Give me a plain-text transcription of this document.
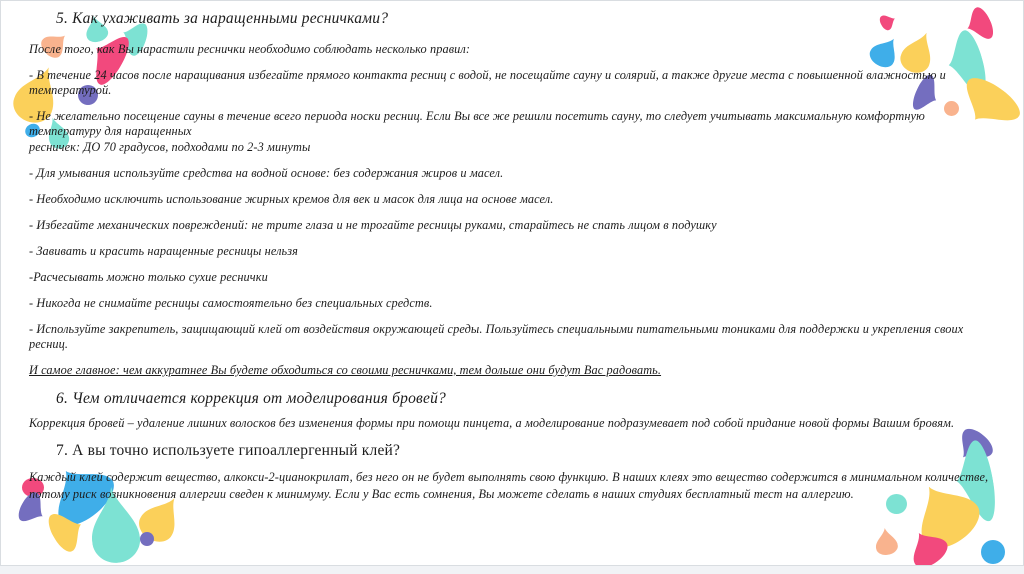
5. Как ухаживать за наращенными ресничками?

После того, как Вы нарастили реснички необходимо соблюдать несколько правил:

- В течение 24 часов после наращивания избегайте прямого контакта ресниц с водой, не посещайте сауну и солярий, а также другие места с повышенной влажностью и температурой.

- Не желательно посещение сауны в течение всего периода носки ресниц. Если Вы все же решили посетить сауну, то следует учитывать максимальную комфортную температуру для наращенных

ресничек: ДО 70 градусов, подходами по 2-3 минуты

- Для умывания используйте средства на водной основе: без содержания жиров и масел.

- Необходимо исключить использование жирных кремов для век и масок для лица на основе масел.

- Избегайте механических повреждений: не трите глаза и не трогайте ресницы руками, старайтесь не спать лицом в подушку

- Завивать и красить наращенные ресницы нельзя

-Расчесывать можно только сухие реснички

- Никогда не снимайте ресницы самостоятельно без специальных средств.

- Используйте закрепитель, защищающий клей от воздействия окружающей среды. Пользуйтесь специальными питательными тониками для поддержки и укрепления своих ресниц.

И самое главное: чем аккуратнее Вы будете обходиться со своими ресничками, тем дольше они будут Вас радовать.

6. Чем отличается коррекция от моделирования бровей?

Коррекция бровей – удаление лишних волосков без изменения формы при помощи пинцета, а моделирование подразумевает под собой придание новой формы Вашим бровям.

7. А вы точно используете гипоаллергенный клей?

Каждый клей содержит вещество, алкокси-2-цианокрилат, без него он не будет выполнять свою функцию. В наших клеях это вещество содержится в минимальном количестве, потому риск возникновения аллергии сведен к минимуму. Если у Вас есть сомнения, Вы можете сделать в наших студиях бесплатный тест на аллергию.
